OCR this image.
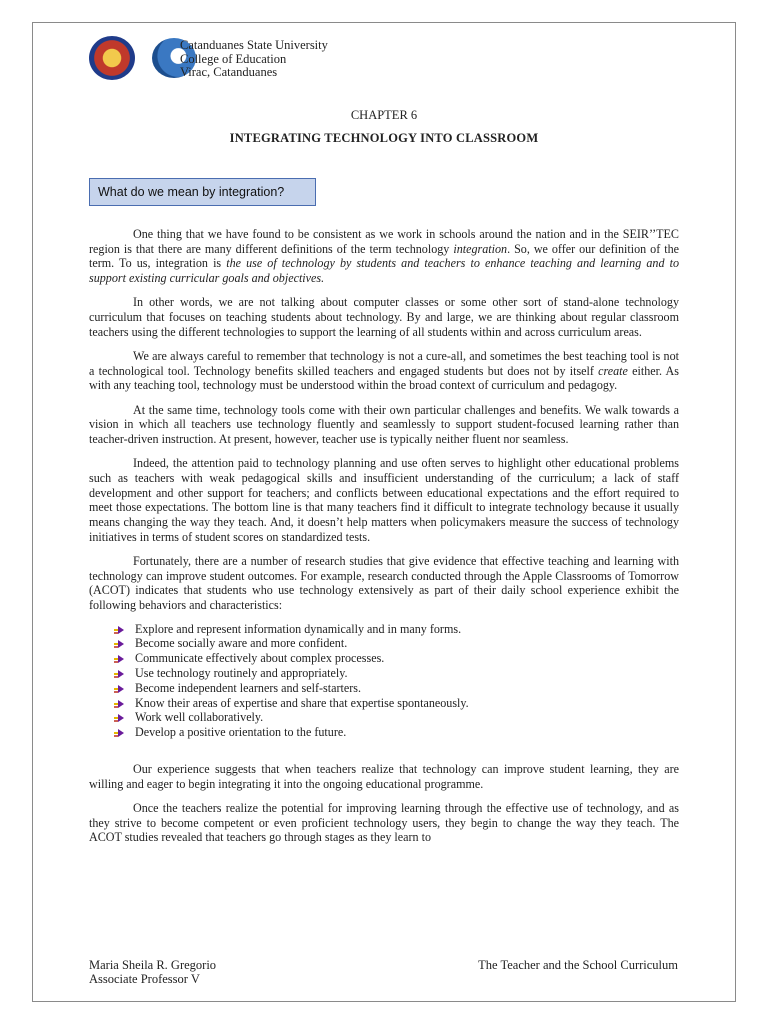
Catanduanes State University
College of Education
Virac, Catanduanes
CHAPTER 6
INTEGRATING TECHNOLOGY INTO CLASSROOM
What do we mean by integration?

One thing that we have found to be consistent as we work in schools around the nation and in the SEIR’’TEC region is that there are many different definitions of the term technology integration. So, we offer our definition of the term. To us, integration is the use of technology by students and teachers to enhance teaching and learning and to support existing curricular goals and objectives.

In other words, we are not talking about computer classes or some other sort of stand-alone technology curriculum that focuses on teaching students about technology. By and large, we are thinking about regular classroom teachers using the different technologies to support the learning of all students within and across curriculum areas.

We are always careful to remember that technology is not a cure-all, and sometimes the best teaching tool is not a technological tool. Technology benefits skilled teachers and engaged students but does not by itself create either. As with any teaching tool, technology must be understood within the broad context of curriculum and pedagogy.

At the same time, technology tools come with their own particular challenges and benefits. We walk towards a vision in which all teachers use technology fluently and seamlessly to support student-focused learning rather than teacher-driven instruction. At present, however, teacher use is typically neither fluent nor seamless.

Indeed, the attention paid to technology planning and use often serves to highlight other educational problems such as teachers with weak pedagogical skills and insufficient understanding of the curriculum; a lack of staff development and other support for teachers; and conflicts between educational expectations and the effort required to meet those expectations. The bottom line is that many teachers find it difficult to integrate technology because it usually means changing the way they teach. And, it doesn’t help matters when policymakers measure the success of technology initiatives in terms of student scores on standardized tests.

Fortunately, there are a number of research studies that give evidence that effective teaching and learning with technology can improve student outcomes. For example, research conducted through the Apple Classrooms of Tomorrow (ACOT) indicates that students who use technology extensively as part of their daily school experience exhibit the following behaviors and characteristics:

Explore and represent information dynamically and in many forms.
Become socially aware and more confident.
Communicate effectively about complex processes.
Use technology routinely and appropriately.
Become independent learners and self-starters.
Know their areas of expertise and share that expertise spontaneously.
Work well collaboratively.
Develop a positive orientation to the future.

Our experience suggests that when teachers realize that technology can improve student learning, they are willing and eager to begin integrating it into the ongoing educational programme.

Once the teachers realize the potential for improving learning through the effective use of technology, and as they strive to become competent or even proficient technology users, they begin to change the way they teach. The ACOT studies revealed that teachers go through stages as they learn to

Maria Sheila R. Gregorio
Associate Professor V
The Teacher and the School Curriculum
